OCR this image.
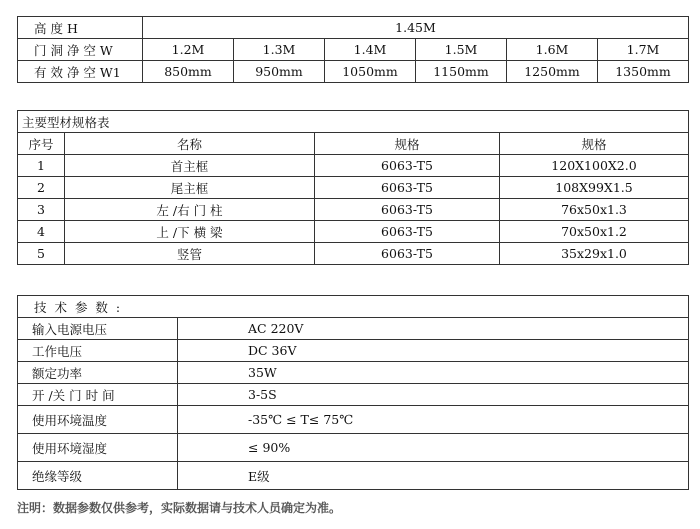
高 度 H	1.45M					
门 洞 净 空 W	1.2M	1.3M	1.4M	1.5M	1.6M	1.7M
有 效 净 空 W1	850mm	950mm	1050mm	1150mm	1250mm	1350mm
主要型材规格表			
序号	名称	规格	规格
1	首主框	6063-T5	120X100X2.0
2	尾主框	6063-T5	108X99X1.5
3	左 /右 门 柱	6063-T5	76x50x1.3
4	上 /下 横 梁	6063-T5	70x50x1.2
5	竖管	6063-T5	35x29x1.0
技 术 参 数 :	
输入电源电压	AC 220V
工作电压	DC 36V
额定功率	35W
开 /关 门 时 间	3-5S
使用环境温度	-35℃ ≤ T≤ 75℃
使用环境湿度	≤ 90%
绝缘等级	E级
注明：数据参数仅供参考，实际数据请与技术人员确定为准。
